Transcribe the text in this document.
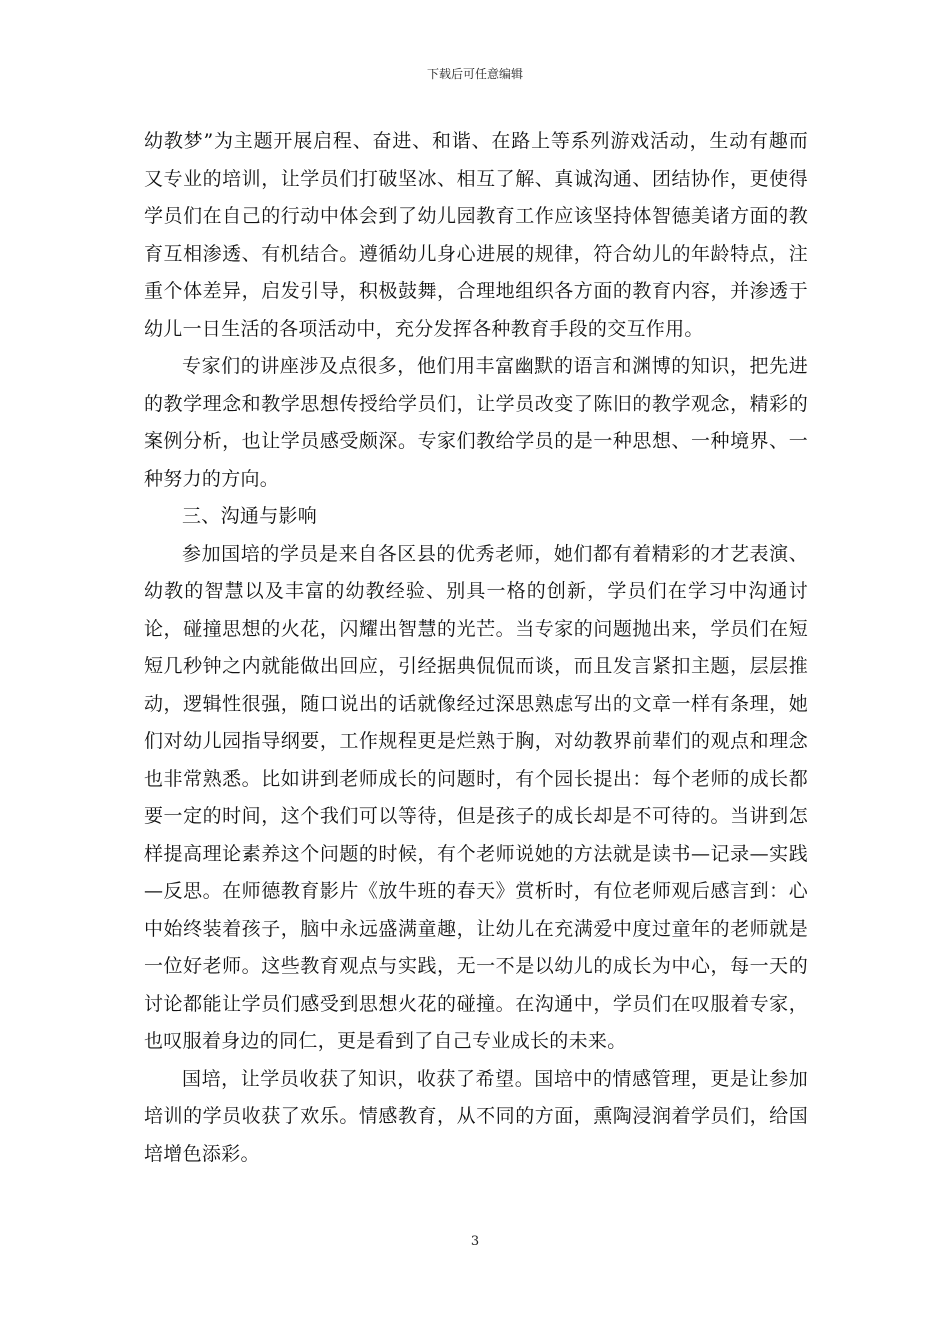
下载后可任意编辑

幼教梦”为主题开展启程、奋进、和谐、在路上等系列游戏活动，生动有趣而又专业的培训，让学员们打破坚冰、相互了解、真诚沟通、团结协作，更使得学员们在自己的行动中体会到了幼儿园教育工作应该坚持体智德美诸方面的教育互相渗透、有机结合。遵循幼儿身心进展的规律，符合幼儿的年龄特点，注重个体差异，启发引导，积极鼓舞，合理地组织各方面的教育内容，并渗透于幼儿一日生活的各项活动中，充分发挥各种教育手段的交互作用。

专家们的讲座涉及点很多，他们用丰富幽默的语言和渊博的知识，把先进的教学理念和教学思想传授给学员们，让学员改变了陈旧的教学观念，精彩的案例分析，也让学员感受颇深。专家们教给学员的是一种思想、一种境界、一种努力的方向。

三、沟通与影响

参加国培的学员是来自各区县的优秀老师，她们都有着精彩的才艺表演、幼教的智慧以及丰富的幼教经验、别具一格的创新，学员们在学习中沟通讨论，碰撞思想的火花，闪耀出智慧的光芒。当专家的问题抛出来，学员们在短短几秒钟之内就能做出回应，引经据典侃侃而谈，而且发言紧扣主题，层层推动，逻辑性很强，随口说出的话就像经过深思熟虑写出的文章一样有条理，她们对幼儿园指导纲要，工作规程更是烂熟于胸，对幼教界前辈们的观点和理念也非常熟悉。比如讲到老师成长的问题时，有个园长提出：每个老师的成长都要一定的时间，这个我们可以等待，但是孩子的成长却是不可待的。当讲到怎样提高理论素养这个问题的时候，有个老师说她的方法就是读书—记录—实践—反思。在师德教育影片《放牛班的春天》赏析时，有位老师观后感言到：心中始终装着孩子，脑中永远盛满童趣，让幼儿在充满爱中度过童年的老师就是一位好老师。这些教育观点与实践，无一不是以幼儿的成长为中心，每一天的讨论都能让学员们感受到思想火花的碰撞。在沟通中，学员们在叹服着专家，也叹服着身边的同仁，更是看到了自己专业成长的未来。

国培，让学员收获了知识，收获了希望。国培中的情感管理，更是让参加培训的学员收获了欢乐。情感教育，从不同的方面，熏陶浸润着学员们，给国培增色添彩。

3
